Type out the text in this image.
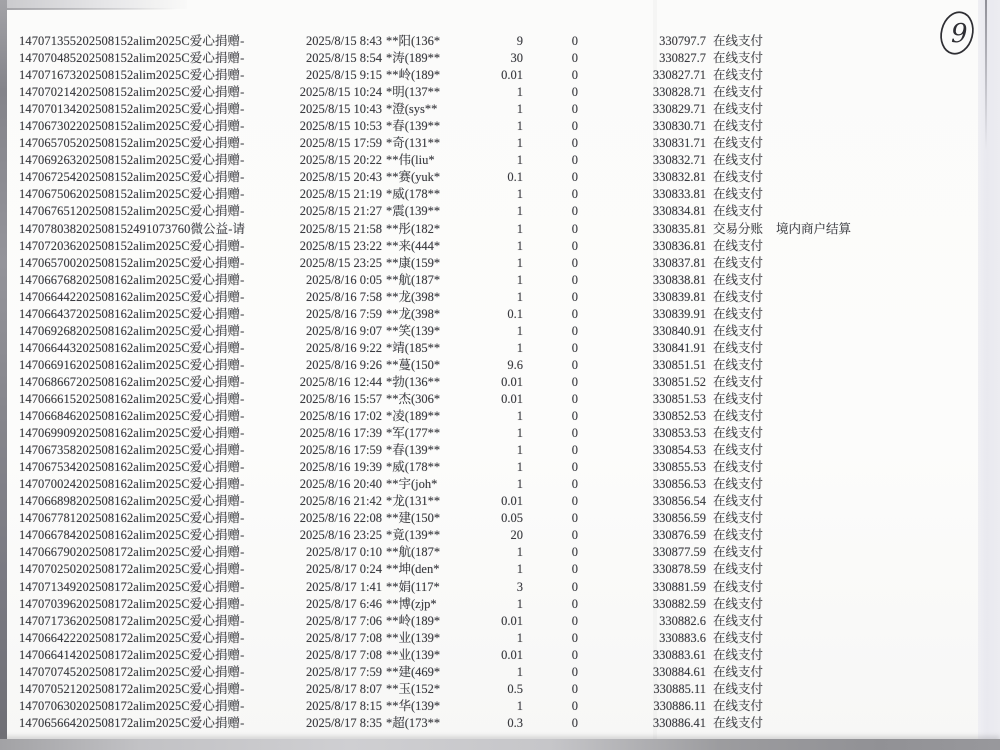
147071355202508152alim2025C爱心捐赠-	2025/8/15 8:43 **阳(136*	9	0	330797.7 在线支付
147070485202508152alim2025C爱心捐赠-	2025/8/15 8:54 *涛(189**	30	0	330827.7 在线支付
147071673202508152alim2025C爱心捐赠-	2025/8/15 9:15 **岭(189*	0.01	0	330827.71 在线支付
147070214202508152alim2025C爱心捐赠-	2025/8/15 10:24 *明(137**	1	0	330828.71 在线支付
147070134202508152alim2025C爱心捐赠-	2025/8/15 10:43 *澄(sys**	1	0	330829.71 在线支付
147067302202508152alim2025C爱心捐赠-	2025/8/15 10:53 *春(139**	1	0	330830.71 在线支付
147065705202508152alim2025C爱心捐赠-	2025/8/15 17:59 *奇(131**	1	0	330831.71 在线支付
147069263202508152alim2025C爱心捐赠-	2025/8/15 20:22 **伟(liu*	1	0	330832.71 在线支付
147067254202508152alim2025C爱心捐赠-	2025/8/15 20:43 **赛(yuk*	0.1	0	330832.81 在线支付
147067506202508152alim2025C爱心捐赠-	2025/8/15 21:19 *威(178**	1	0	330833.81 在线支付
147067651202508152alim2025C爱心捐赠-	2025/8/15 21:27 *震(139**	1	0	330834.81 在线支付
147078038202508152491073760微公益-请	2025/8/15 21:58 **彤(182*	1	0	330835.81 交易分账	境内商户结算
147072036202508152alim2025C爱心捐赠-	2025/8/15 23:22 **来(444*	1	0	330836.81 在线支付
147065700202508152alim2025C爱心捐赠-	2025/8/15 23:25 **康(159*	1	0	330837.81 在线支付
147066768202508162alim2025C爱心捐赠-	2025/8/16 0:05 **航(187*	1	0	330838.81 在线支付
147066442202508162alim2025C爱心捐赠-	2025/8/16 7:58 **龙(398*	1	0	330839.81 在线支付
147066437202508162alim2025C爱心捐赠-	2025/8/16 7:59 **龙(398*	0.1	0	330839.91 在线支付
147069268202508162alim2025C爱心捐赠-	2025/8/16 9:07 **笑(139*	1	0	330840.91 在线支付
147066443202508162alim2025C爱心捐赠-	2025/8/16 9:22 *靖(185**	1	0	330841.91 在线支付
147066916202508162alim2025C爱心捐赠-	2025/8/16 9:26 **蔓(150*	9.6	0	330851.51 在线支付
147068667202508162alim2025C爱心捐赠-	2025/8/16 12:44 *勃(136**	0.01	0	330851.52 在线支付
147066615202508162alim2025C爱心捐赠-	2025/8/16 15:57 **杰(306*	0.01	0	330851.53 在线支付
147066846202508162alim2025C爱心捐赠-	2025/8/16 17:02 *凌(189**	1	0	330852.53 在线支付
147069909202508162alim2025C爱心捐赠-	2025/8/16 17:39 *军(177**	1	0	330853.53 在线支付
147067358202508162alim2025C爱心捐赠-	2025/8/16 17:59 *春(139**	1	0	330854.53 在线支付
147067534202508162alim2025C爱心捐赠-	2025/8/16 19:39 *威(178**	1	0	330855.53 在线支付
147070024202508162alim2025C爱心捐赠-	2025/8/16 20:40 **宇(joh*	1	0	330856.53 在线支付
147066898202508162alim2025C爱心捐赠-	2025/8/16 21:42 *龙(131**	0.01	0	330856.54 在线支付
147067781202508162alim2025C爱心捐赠-	2025/8/16 22:08 **建(150*	0.05	0	330856.59 在线支付
147066784202508162alim2025C爱心捐赠-	2025/8/16 23:25 *竟(139**	20	0	330876.59 在线支付
147066790202508172alim2025C爱心捐赠-	2025/8/17 0:10 **航(187*	1	0	330877.59 在线支付
147070250202508172alim2025C爱心捐赠-	2025/8/17 0:24 **坤(den*	1	0	330878.59 在线支付
147071349202508172alim2025C爱心捐赠-	2025/8/17 1:41 **娟(117*	3	0	330881.59 在线支付
147070396202508172alim2025C爱心捐赠-	2025/8/17 6:46 **博(zjp*	1	0	330882.59 在线支付
147071736202508172alim2025C爱心捐赠-	2025/8/17 7:06 **岭(189*	0.01	0	330882.6 在线支付
147066422202508172alim2025C爱心捐赠-	2025/8/17 7:08 **业(139*	1	0	330883.6 在线支付
147066414202508172alim2025C爱心捐赠-	2025/8/17 7:08 **业(139*	0.01	0	330883.61 在线支付
147070745202508172alim2025C爱心捐赠-	2025/8/17 7:59 **建(469*	1	0	330884.61 在线支付
147070521202508172alim2025C爱心捐赠-	2025/8/17 8:07 **玉(152*	0.5	0	330885.11 在线支付
147070630202508172alim2025C爱心捐赠-	2025/8/17 8:15 **华(139*	1	0	330886.11 在线支付
147065664202508172alim2025C爱心捐赠-	2025/8/17 8:35 *超(173**	0.3	0	330886.41 在线支付
9
